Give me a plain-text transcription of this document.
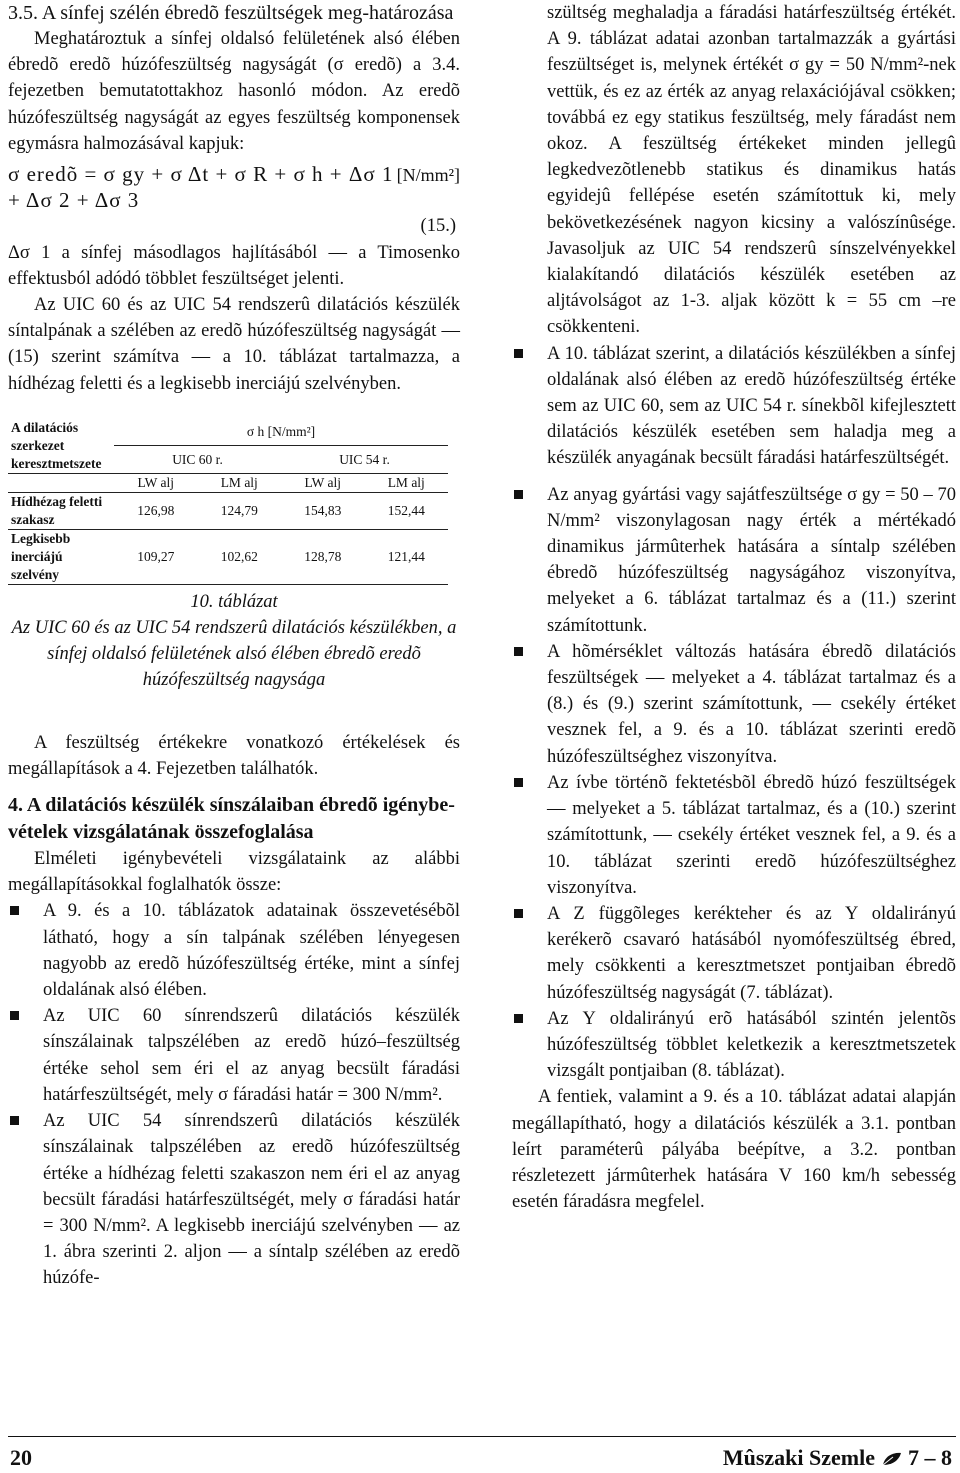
3.5. A sínfej szélén ébredõ feszültségek meg-határozása

Meghatároztuk a sínfej oldalsó felületének alsó élében ébredõ eredõ húzófeszültség nagyságát (σ eredõ) a 3.4. fejezetben bemutatottakhoz hasonló módon. Az eredõ húzófeszültség nagyságát az egyes feszültség komponensek egymásra halmozásával kapjuk:

σ eredõ = σ gy + σ Δt + σ R + σ h + Δσ 1 + Δσ 2 + Δσ 3
[N/mm²]
(15.)

Δσ 1 a sínfej másodlagos hajlításából — a Timosenko effektusból adódó többlet feszültséget jelenti.

Az UIC 60 és az UIC 54 rendszerû dilatációs készülék síntalpának a szélében az eredõ húzófeszültség nagyságát — (15) szerint számítva — a 10. táblázat tartalmazza, a hídhézag feletti és a legkisebb inerciájú szelvényben.

A dilatációs szerkezet keresztmetszete	σ h [N/mm²]			
	UIC 60 r.		UIC 54 r.	
	LW alj	LM alj	LW alj	LM alj
Hídhézag feletti szakasz	126,98	124,79	154,83	152,44
Legkisebb inerciájú szelvény	109,27	102,62	128,78	121,44
10. táblázat
Az UIC 60 és az UIC 54 rendszerû dilatációs készülékben, a sínfej oldalsó felületének alsó élében ébredõ eredõ húzófeszültség nagysága

A feszültség értékekre vonatkozó értékelések és megállapítások a 4. Fejezetben találhatók.

4. A dilatációs készülék sínszálaiban ébredõ igénybe-vételek vizsgálatának összefoglalása

Elméleti igénybevételi vizsgálataink az alábbi megállapításokkal foglalhatók össze:

A 9. és a 10. táblázatok adatainak összevetésébõl látható, hogy a sín talpának szélében lényegesen nagyobb az eredõ húzófeszültség értéke, mint a sínfej oldalának alsó élében.
Az UIC 60 sínrendszerû dilatációs készülék sínszálainak talpszélében az eredõ húzó–feszültség értéke sehol sem éri el az anyag becsült fáradási határfeszültségét, mely σ fáradási határ = 300 N/mm².
Az UIC 54 sínrendszerû dilatációs készülék sínszálainak talpszélében az eredõ húzófeszültség értéke a hídhézag feletti szakaszon nem éri el az anyag becsült fáradási határfeszültségét, mely σ fáradási határ = 300 N/mm². A legkisebb inerciájú szelvényben — az 1. ábra szerinti 2. aljon — a síntalp szélében az eredõ húzófe-

szültség meghaladja a fáradási határfeszültség értékét. A 9. táblázat adatai azonban tartalmazzák a gyártási feszültséget is, melynek értékét σ gy = 50 N/mm²-nek vettük, és ez az érték az anyag relaxációjával csökken; továbbá ez egy statikus feszültség, mely fáradást nem okoz. A feszültség értékeket minden jellegû legkedvezõtlenebb statikus és dinamikus hatás egyidejû fellépése esetén számítottuk ki, mely bekövetkezésének nagyon kicsiny a valószínûsége. Javasoljuk az UIC 54 rendszerû sínszelvényekkel kialakítandó dilatációs készülék esetében az aljtávolságot az 1-3. aljak között k = 55 cm –re csökkenteni.

A 10. táblázat szerint, a dilatációs készülékben a sínfej oldalának alsó élében az eredõ húzófeszültség értéke sem az UIC 60, sem az UIC 54 r. sínekbõl kifejlesztett dilatációs készülék esetében sem haladja meg a készülék anyagának becsült fáradási határfeszültségét.
Az anyag gyártási vagy sajátfeszültsége σ gy = 50 – 70 N/mm² viszonylagosan nagy érték a mértékadó dinamikus jármûterhek hatására a síntalp szélében ébredõ húzófeszültség nagyságához viszonyítva, melyeket a 6. táblázat tartalmaz és a (11.) szerint számítottunk.
A hõmérséklet változás hatására ébredõ dilatációs feszültségek — melyeket a 4. táblázat tartalmaz és a (8.) és (9.) szerint számítottunk, — csekély értéket vesznek fel, a 9. és a 10. táblázat szerinti eredõ húzófeszültséghez viszonyítva.
Az ívbe történõ fektetésbõl ébredõ húzó feszültségek — melyeket a 5. táblázat tartalmaz, és a (10.) szerint számítottunk, — csekély értéket vesznek fel, a 9. és a 10. táblázat szerinti eredõ húzófeszültséghez viszonyítva.
A Z függõleges kerékteher és az Y oldalirányú kerékerõ csavaró hatásából nyomófeszültség ébred, mely csökkenti a keresztmetszet pontjaiban ébredõ húzófeszültség nagyságát (7. táblázat).
Az Y oldalirányú erõ hatásából szintén jelentõs húzófeszültség többlet keletkezik a keresztmetszetek vizsgált pontjaiban (8. táblázat).

A fentiek, valamint a 9. és a 10. táblázat adatai alapján megállapítható, hogy a dilatációs készülék a 3.1. pontban leírt paraméterû pályába beépítve, a 3.2. pontban részletezett jármûterhek hatására V 160 km/h sebesség esetén fáradásra megfelel.

20	Mûszaki Szemle 7 – 8
